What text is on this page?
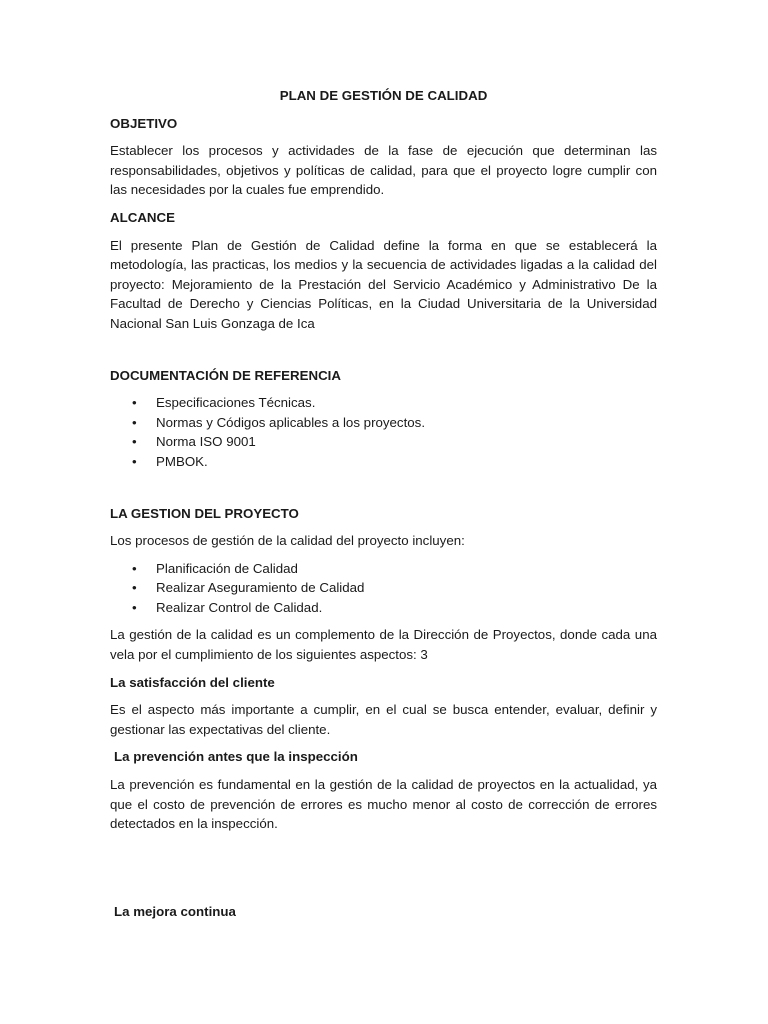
PLAN DE GESTIÓN DE CALIDAD
OBJETIVO
Establecer los procesos y actividades de la fase de ejecución que determinan las responsabilidades, objetivos y políticas de calidad, para que el proyecto logre cumplir con las necesidades por la cuales fue emprendido.
ALCANCE
El presente Plan de Gestión de Calidad define la forma en que se establecerá la metodología, las practicas, los medios y la secuencia de actividades ligadas a la calidad del proyecto: Mejoramiento de la Prestación del Servicio Académico y Administrativo De la Facultad de Derecho y Ciencias Políticas, en la Ciudad Universitaria de la Universidad Nacional San Luis Gonzaga de Ica
DOCUMENTACIÓN DE REFERENCIA
• Especificaciones Técnicas.
• Normas y Códigos aplicables a los proyectos.
• Norma ISO 9001
• PMBOK.
LA GESTION DEL PROYECTO
Los procesos de gestión de la calidad del proyecto incluyen:
• Planificación de Calidad
• Realizar Aseguramiento de Calidad
• Realizar Control de Calidad.
La gestión de la calidad es un complemento de la Dirección de Proyectos, donde cada una vela por el cumplimiento de los siguientes aspectos: 3
La satisfacción del cliente
Es el aspecto más importante a cumplir, en el cual se busca entender, evaluar, definir y gestionar las expectativas del cliente.
La prevención antes que la inspección
La prevención es fundamental en la gestión de la calidad de proyectos en la actualidad, ya que el costo de prevención de errores es mucho menor al costo de corrección de errores detectados en la inspección.
La mejora continua
